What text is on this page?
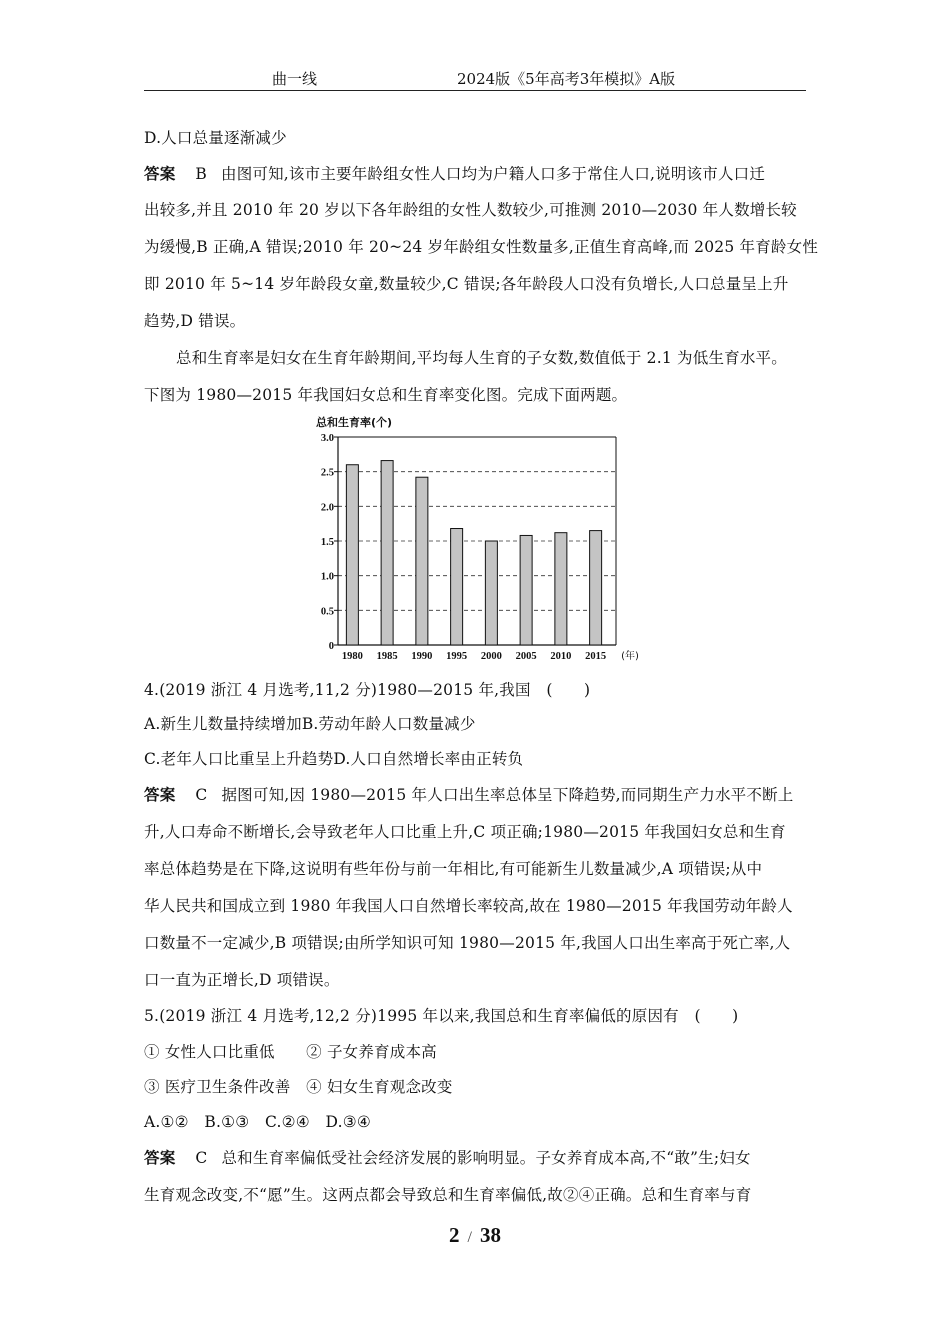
曲一线	2024版《5年高考3年模拟》A版
D.人口总量逐渐减少
答案 B 由图可知,该市主要年龄组女性人口均为户籍人口多于常住人口,说明该市人口迁
出较多,并且 2010 年 20 岁以下各年龄组的女性人数较少,可推测 2010—2030 年人数增长较
为缓慢,B 正确,A 错误;2010 年 20~24 岁年龄组女性数量多,正值生育高峰,而 2025 年育龄女性
即 2010 年 5~14 岁年龄段女童,数量较少,C 错误;各年龄段人口没有负增长,人口总量呈上升
趋势,D 错误。
总和生育率是妇女在生育年龄期间,平均每人生育的子女数,数值低于 2.1 为低生育水平。
下图为 1980—2015 年我国妇女总和生育率变化图。完成下面两题。
总和生育率(个)
0
0.5
1.0
1.5
2.0
2.5
3.0
1980 1985 1990 1995 2000 2005 2010 2015 (年)
4.(2019 浙江 4 月选考,11,2 分)1980—2015 年,我国　(　　)
A.新生儿数量持续增加B.劳动年龄人口数量减少
C.老年人口比重呈上升趋势D.人口自然增长率由正转负
答案 C 据图可知,因 1980—2015 年人口出生率总体呈下降趋势,而同期生产力水平不断上
升,人口寿命不断增长,会导致老年人口比重上升,C 项正确;1980—2015 年我国妇女总和生育
率总体趋势是在下降,这说明有些年份与前一年相比,有可能新生儿数量减少,A 项错误;从中
华人民共和国成立到 1980 年我国人口自然增长率较高,故在 1980—2015 年我国劳动年龄人
口数量不一定减少,B 项错误;由所学知识可知 1980—2015 年,我国人口出生率高于死亡率,人
口一直为正增长,D 项错误。
5.(2019 浙江 4 月选考,12,2 分)1995 年以来,我国总和生育率偏低的原因有　(　　)
① 女性人口比重低　　② 子女养育成本高
③ 医疗卫生条件改善　④ 妇女生育观念改变
A.①②　B.①③　C.②④　D.③④
答案 C 总和生育率偏低受社会经济发展的影响明显。子女养育成本高,不“敢”生;妇女
生育观念改变,不“愿”生。这两点都会导致总和生育率偏低,故②④正确。总和生育率与育
2 / 38
